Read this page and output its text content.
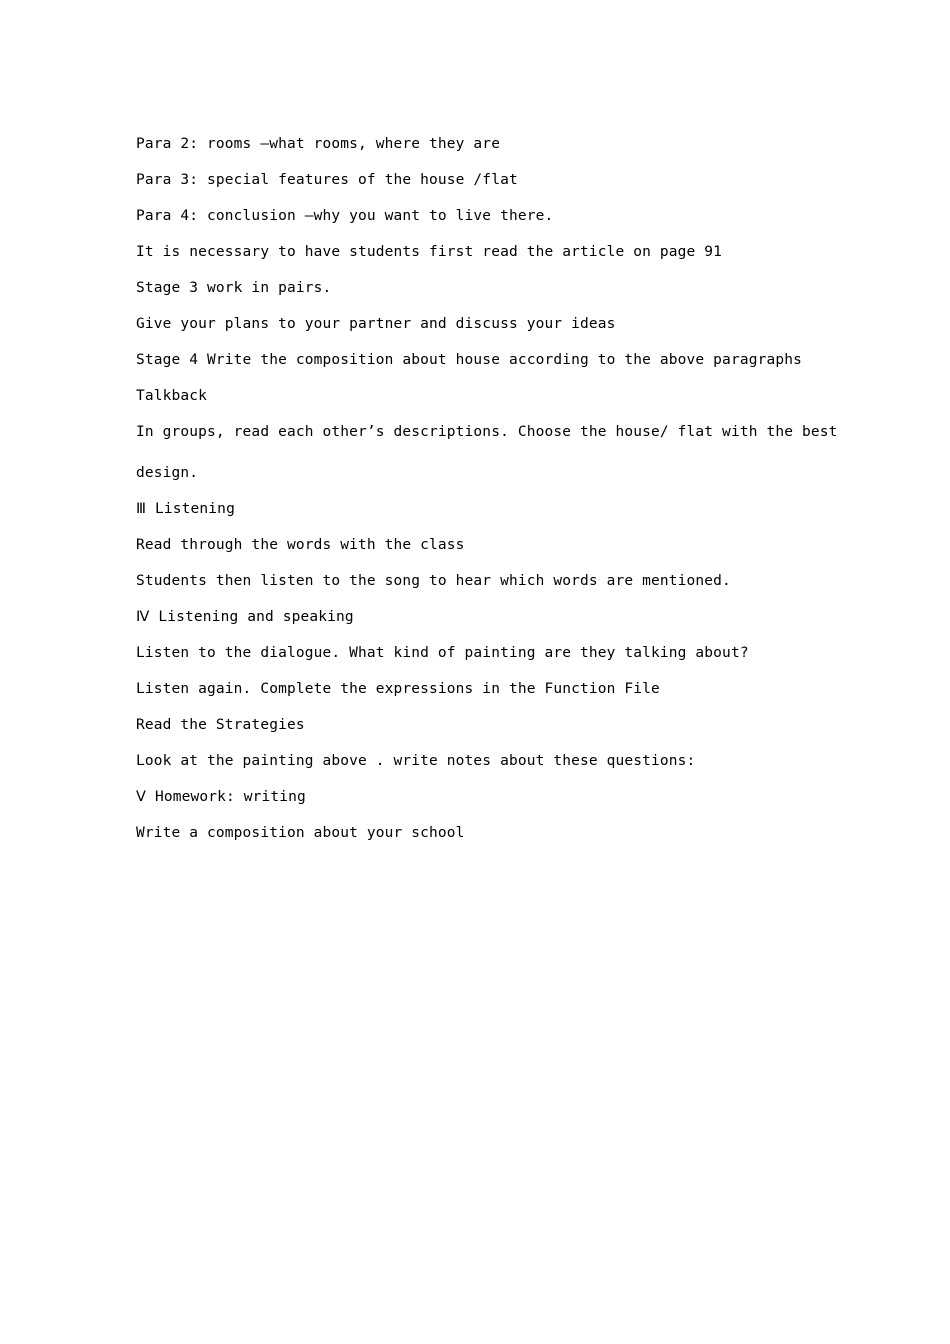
Para 2: rooms –what rooms, where they are
Para 3: special features of the house /flat
Para 4: conclusion –why you want to live there.
It is necessary to have students first read the article on page 91
Stage 3 work in pairs.
Give your plans to your partner and discuss your ideas
Stage 4 Write the composition about house according to the above paragraphs
Talkback
In groups, read each other’s descriptions. Choose the house/ flat with the best
design.
Ⅲ Listening
Read through the words with the class
Students then listen to the song to hear which words are mentioned.
Ⅳ Listening and speaking
Listen to the dialogue. What kind of painting are they talking about?
Listen again. Complete the expressions in the Function File
Read the Strategies
Look at the painting above . write notes about these questions:
Ⅴ Homework: writing
Write a composition about your school
